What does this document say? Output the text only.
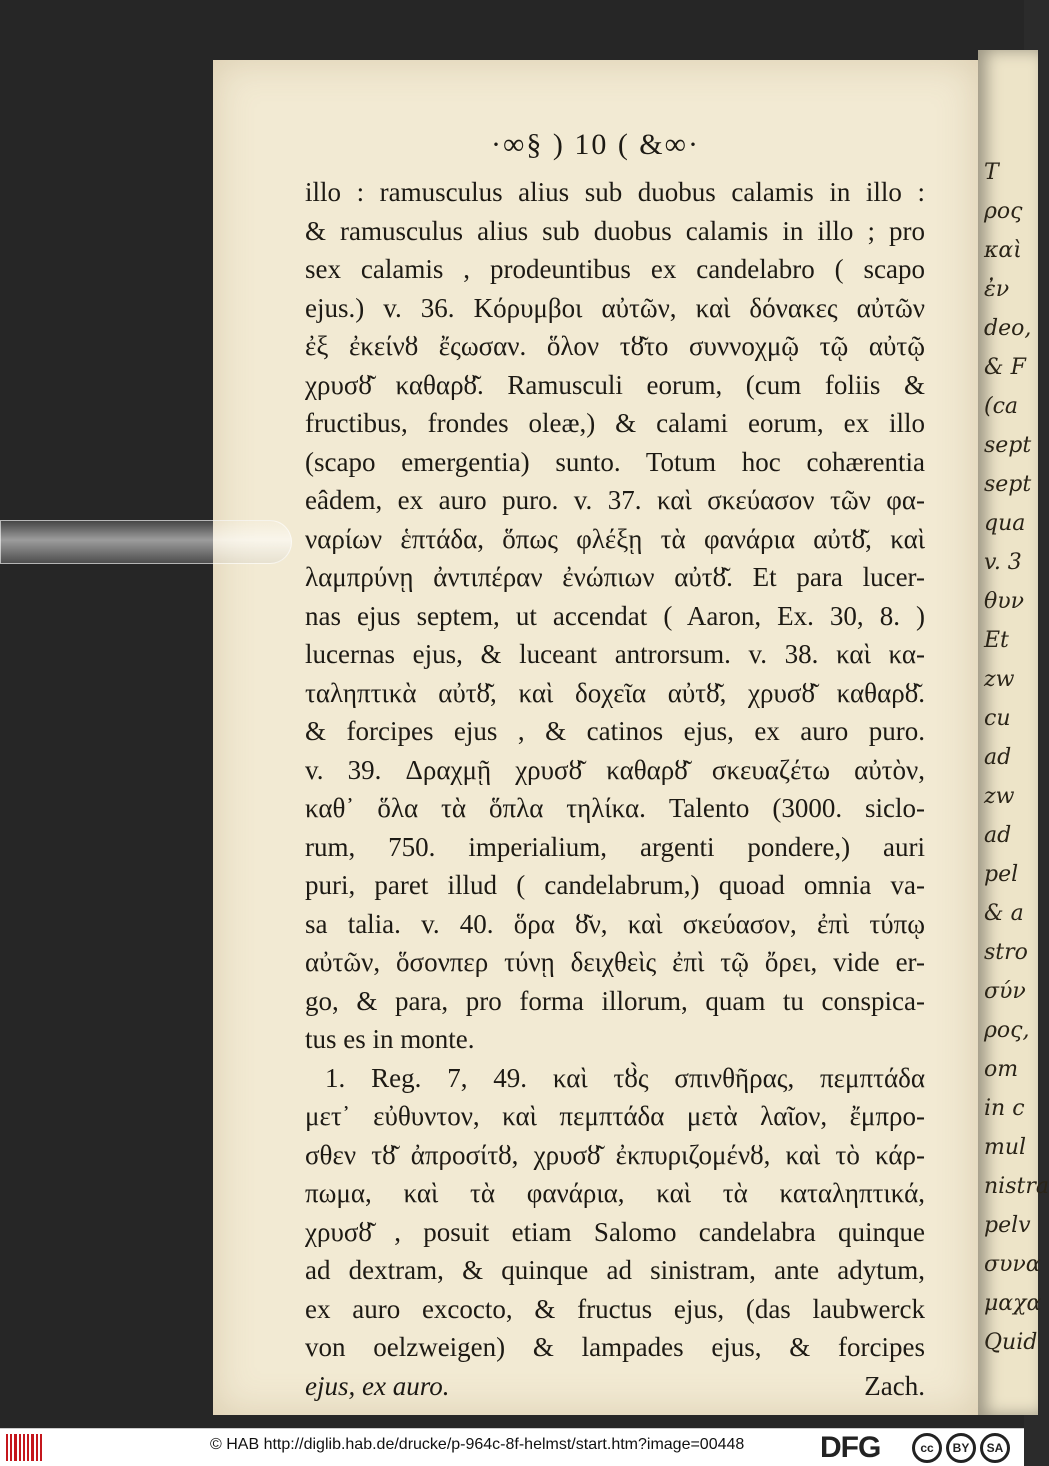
·∞§ ) 10 ( &∞·
illo : ramusculus alius sub duobus calamis in illo :
& ramusculus alius sub duobus calamis in illo ; pro
sex calamis , prodeuntibus ex candelabro ( scapo
ejus.) v. 36. Κόρυμβοι αὐτῶν, καὶ δόνακες αὐτῶν
ἐξ ἐκείνȣ ἔςωσαν. ὅλον τȣ͂το συννοχμῷ τῷ αὐτῷ
χρυσȣ͂ καθαρȣ͂. Ramusculi eorum, (cum foliis &
fructibus, frondes oleæ,) & calami eorum, ex illo
(scapo emergentia) sunto. Totum hoc cohærentia
eâdem, ex auro puro. v. 37. καὶ σκεύασον τῶν φα-
ναρίων ἑπτάδα, ὅπως φλέξῃ τὰ φανάρια αὐτȣ͂, καὶ
λαμπρύνῃ ἀντιπέραν ἐνώπιων αὐτȣ͂. Et para lucer-
nas ejus septem, ut accendat ( Aaron, Ex. 30, 8. )
lucernas ejus, & luceant antrorsum. v. 38. καὶ κα-
ταληπτικὰ αὐτȣ͂, καὶ δοχεῖα αὐτȣ͂, χρυσȣ͂ καθαρȣ͂.
& forcipes ejus , & catinos ejus, ex auro puro.
v. 39. Δραχμῇ χρυσȣ͂ καθαρȣ͂ σκευαζέτω αὐτὸν,
καθ᾽ ὅλα τὰ ὅπλα τηλίκα. Talento (3000. siclo-
rum, 750. imperialium, argenti pondere,) auri
puri, paret illud ( candelabrum,) quoad omnia va-
sa talia. v. 40. ὅρα ȣ͂ν, καὶ σκεύασον, ἐπὶ τύπῳ
αὐτῶν, ὅσονπερ τύνῃ δειχθεὶς ἐπὶ τῷ ὄρει, vide er-
go, & para, pro forma illorum, quam tu conspica-
tus es in monte.
1. Reg. 7, 49. καὶ τȣ̀ς σπινθῆρας, πεμπτάδα
μετ᾽ εὐθυντον, καὶ πεμπτάδα μετὰ λαῖον, ἔμπρο-
σθεν τȣ͂ ἀπροσίτȣ, χρυσȣ͂ ἐκπυριζομένȣ, καὶ τὸ κάρ-
πωμα, καὶ τὰ φανάρια, καὶ τὰ καταληπτικά,
χρυσȣ͂ , posuit etiam Salomo candelabra quinque
ad dextram, & quinque ad sinistram, ante adytum,
ex auro excocto, & fructus ejus, (das laubwerck
von oelzweigen) & lampades ejus, & forcipes
ejus, ex auro.	Zach.
T
ρος
καὶ
ἐν
deo,
& F
(ca
sept
sept
qua
v. 3
θυν
Et
zw
cu
ad
zw
ad
pel
& a
stro
σύν
ρος,
om
in c
mul
nistra
pelv
συνα
μαχα
Quid
© HAB http://diglib.hab.de/drucke/p-964c-8f-helmst/start.htm?image=00448	DFG	cc	BY	SA
